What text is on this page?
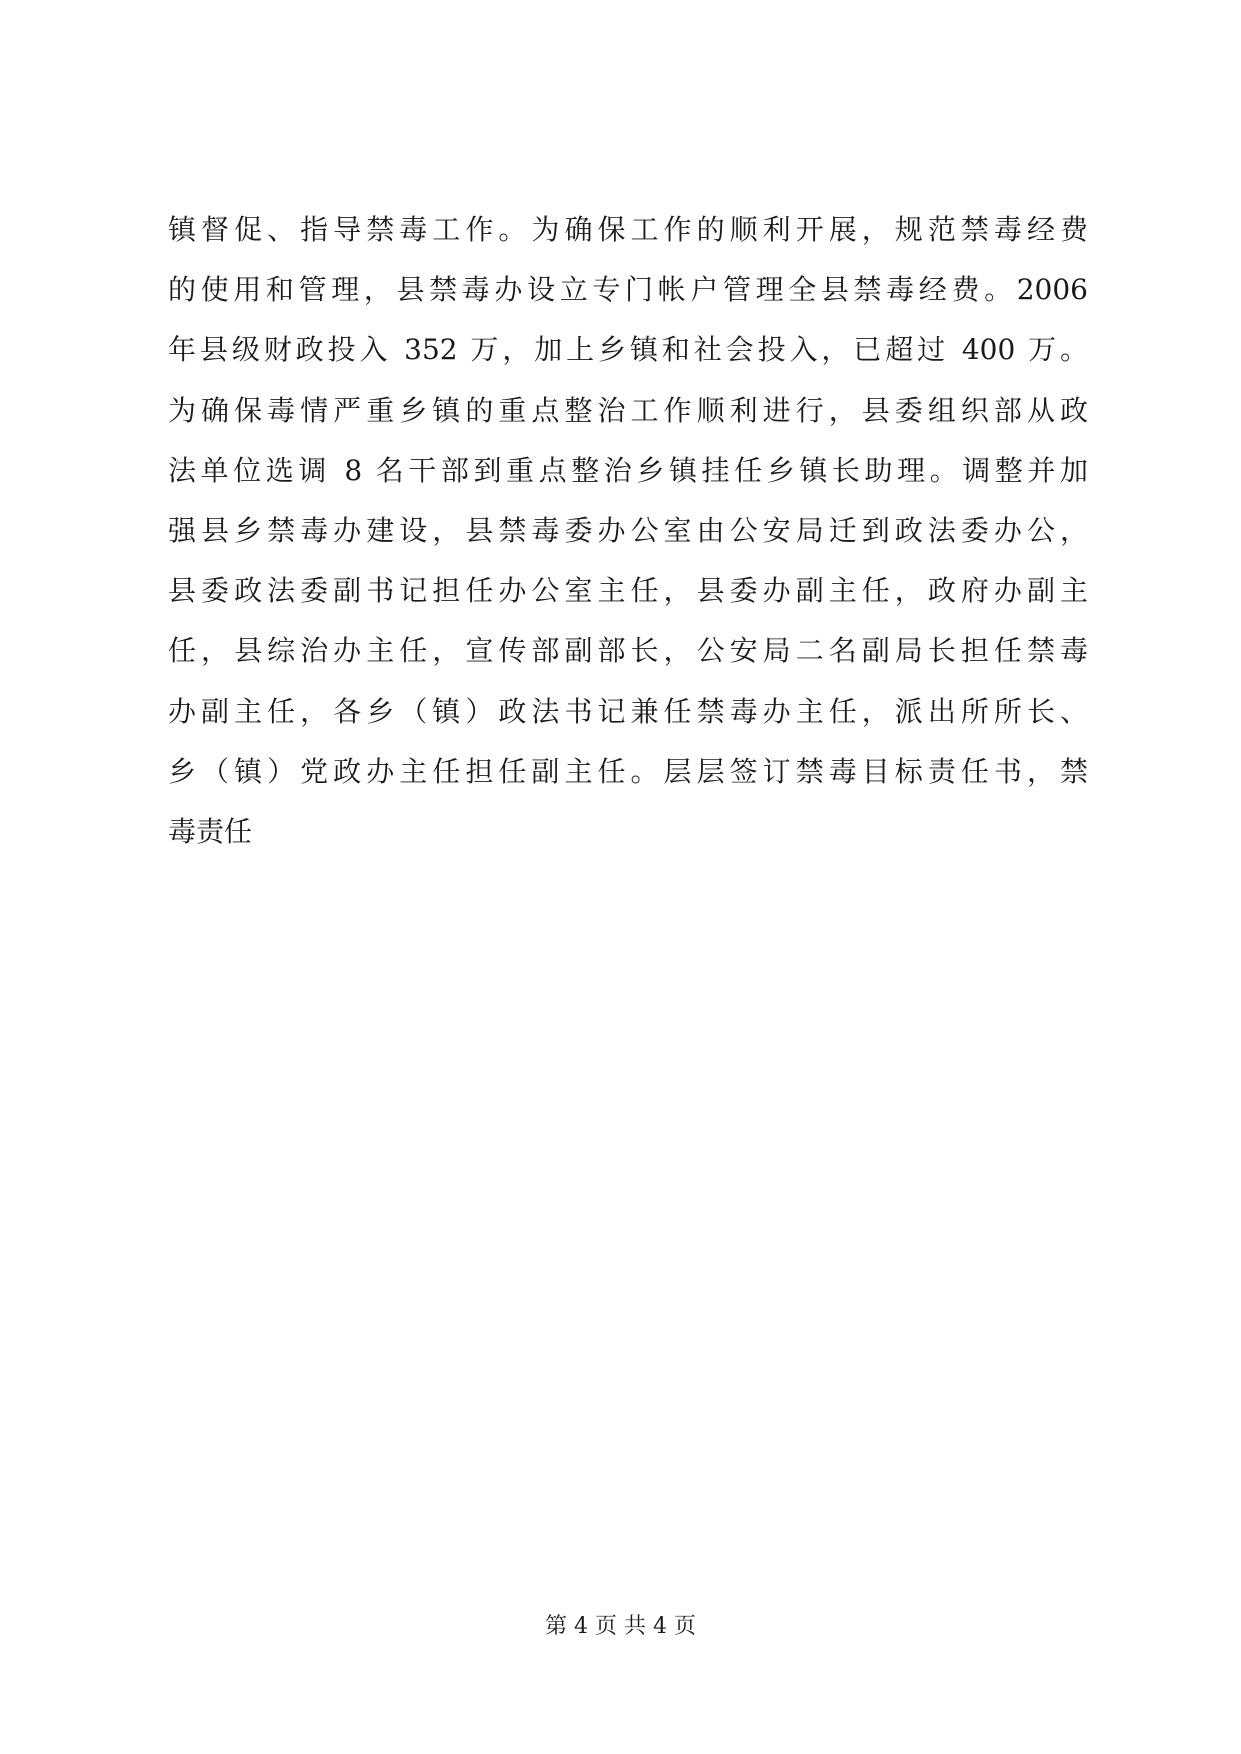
镇督促、指导禁毒工作。为确保工作的顺利开展，规范禁毒经费
的使用和管理，县禁毒办设立专门帐户管理全县禁毒经费。2006
年县级财政投入 352 万，加上乡镇和社会投入，已超过 400 万。
为确保毒情严重乡镇的重点整治工作顺利进行，县委组织部从政
法单位选调 8 名干部到重点整治乡镇挂任乡镇长助理。调整并加
强县乡禁毒办建设，县禁毒委办公室由公安局迁到政法委办公，
县委政法委副书记担任办公室主任，县委办副主任，政府办副主
任，县综治办主任，宣传部副部长，公安局二名副局长担任禁毒
办副主任，各乡（镇）政法书记兼任禁毒办主任，派出所所长、
乡（镇）党政办主任担任副主任。层层签订禁毒目标责任书，禁
毒责任
第 4 页 共 4 页
